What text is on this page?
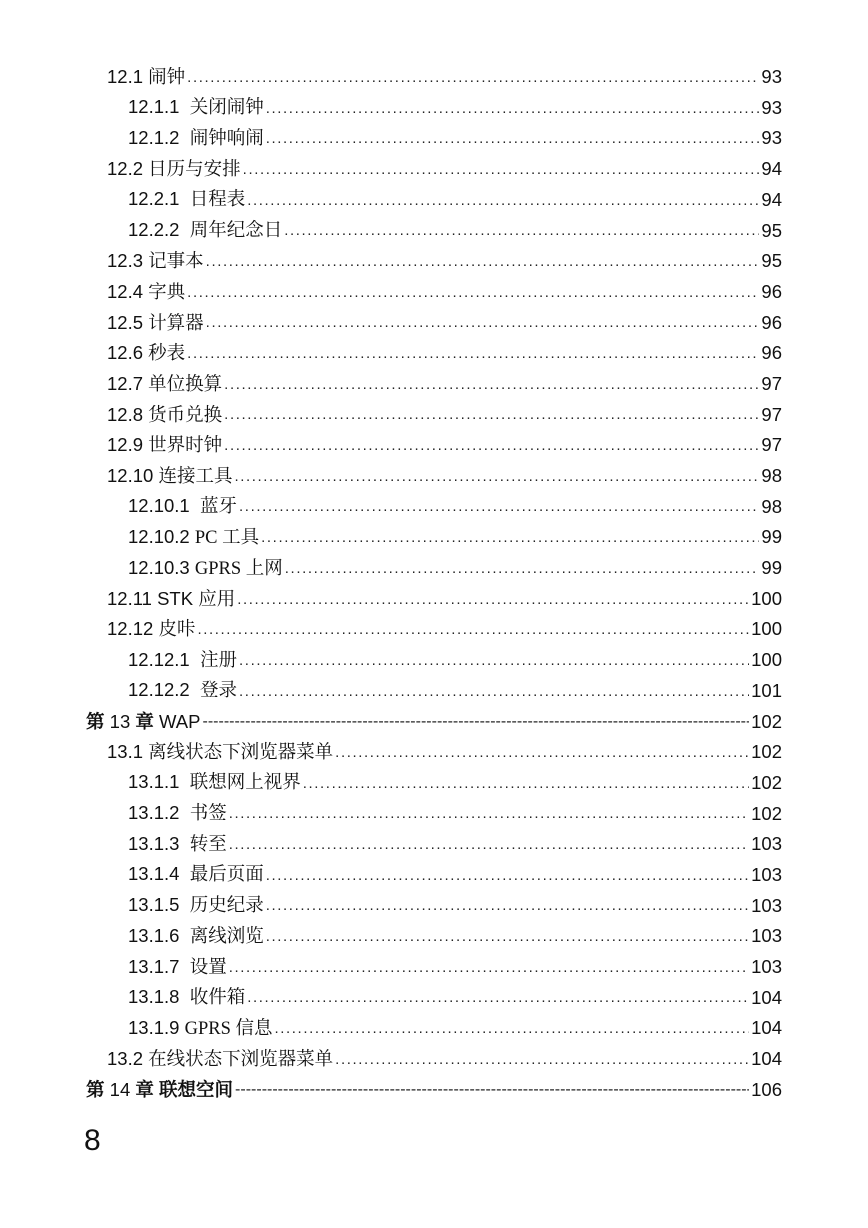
12.1 闹钟 .....	93
12.1.1 关闭闹钟 .....	93
12.1.2 闹钟响闹 .....	93
12.2 日历与安排 .....	94
12.2.1 日程表 .....	94
12.2.2 周年纪念日 .....	95
12.3 记事本 .....	95
12.4 字典 .....	96
12.5 计算器 .....	96
12.6 秒表 .....	96
12.7 单位换算 .....	97
12.8 货币兑换 .....	97
12.9 世界时钟 .....	97
12.10 连接工具 .....	98
12.10.1 蓝牙 .....	98
12.10.2 PC 工具 .....	99
12.10.3 GPRS 上网 .....	99
12.11 STK 应用 .....	100
12.12 皮咔 .....	100
12.12.1 注册 .....	100
12.12.2 登录 .....	101
第 13 章 WAP -----	102
13.1 离线状态下浏览器菜单 .....	102
13.1.1 联想网上视界 .....	102
13.1.2 书签 .....	102
13.1.3 转至 .....	103
13.1.4 最后页面 .....	103
13.1.5 历史纪录 .....	103
13.1.6 离线浏览 .....	103
13.1.7 设置 .....	103
13.1.8 收件箱 .....	104
13.1.9 GPRS 信息 .....	104
13.2 在线状态下浏览器菜单 .....	104
第 14 章 联想空间 -----	106
8
